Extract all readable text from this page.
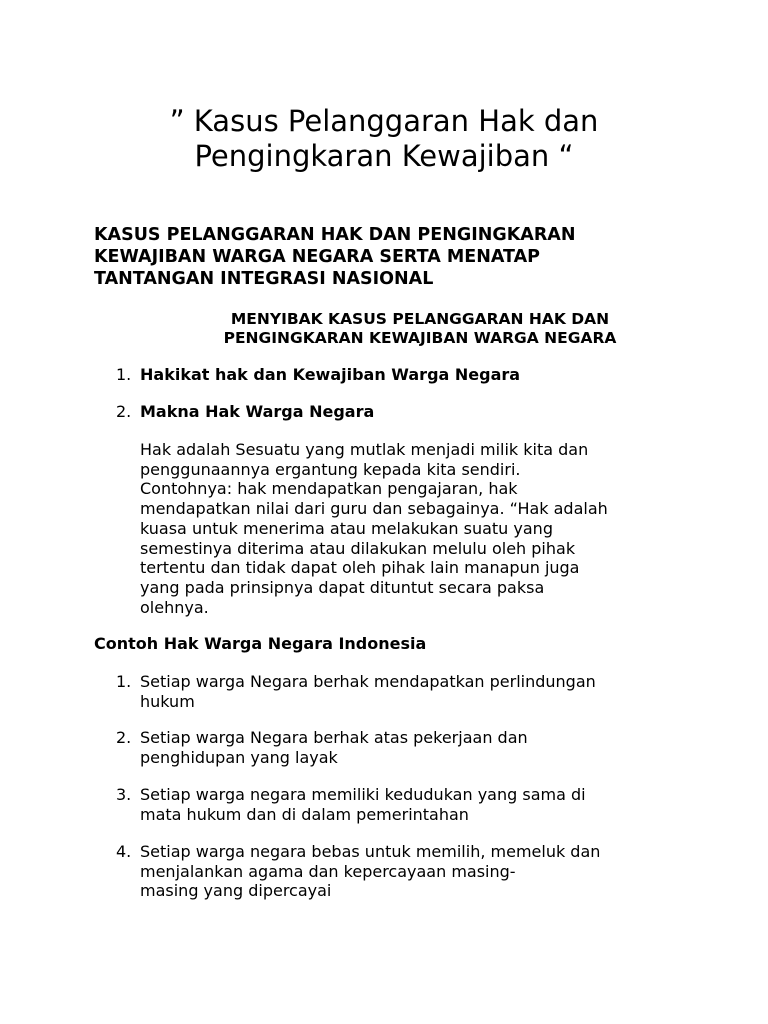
” Kasus Pelanggaran Hak dan
Pengingkaran Kewajiban “
KASUS PELANGGARAN HAK DAN PENGINGKARAN
KEWAJIBAN WARGA NEGARA SERTA MENATAP
TANTANGAN INTEGRASI NASIONAL
MENYIBAK KASUS PELANGGARAN HAK DAN
PENGINGKARAN KEWAJIBAN WARGA NEGARA

1. Hakikat hak dan Kewajiban Warga Negara

2. Makna Hak Warga Negara

Hak adalah Sesuatu yang mutlak menjadi milik kita dan
penggunaannya ergantung kepada kita sendiri.
Contohnya: hak mendapatkan pengajaran, hak
mendapatkan nilai dari guru dan sebagainya. “Hak adalah
kuasa untuk menerima atau melakukan suatu yang
semestinya diterima atau dilakukan melulu oleh pihak
tertentu dan tidak dapat oleh pihak lain manapun juga
yang pada prinsipnya dapat dituntut secara paksa
olehnya.

Contoh Hak Warga Negara Indonesia
1. Setiap warga Negara berhak mendapatkan perlindungan
hukum
2. Setiap warga Negara berhak atas pekerjaan dan
penghidupan yang layak
3. Setiap warga negara memiliki kedudukan yang sama di
mata hukum dan di dalam pemerintahan
4. Setiap warga negara bebas untuk memilih, memeluk dan
menjalankan agama dan kepercayaan masing-
masing yang dipercayai
